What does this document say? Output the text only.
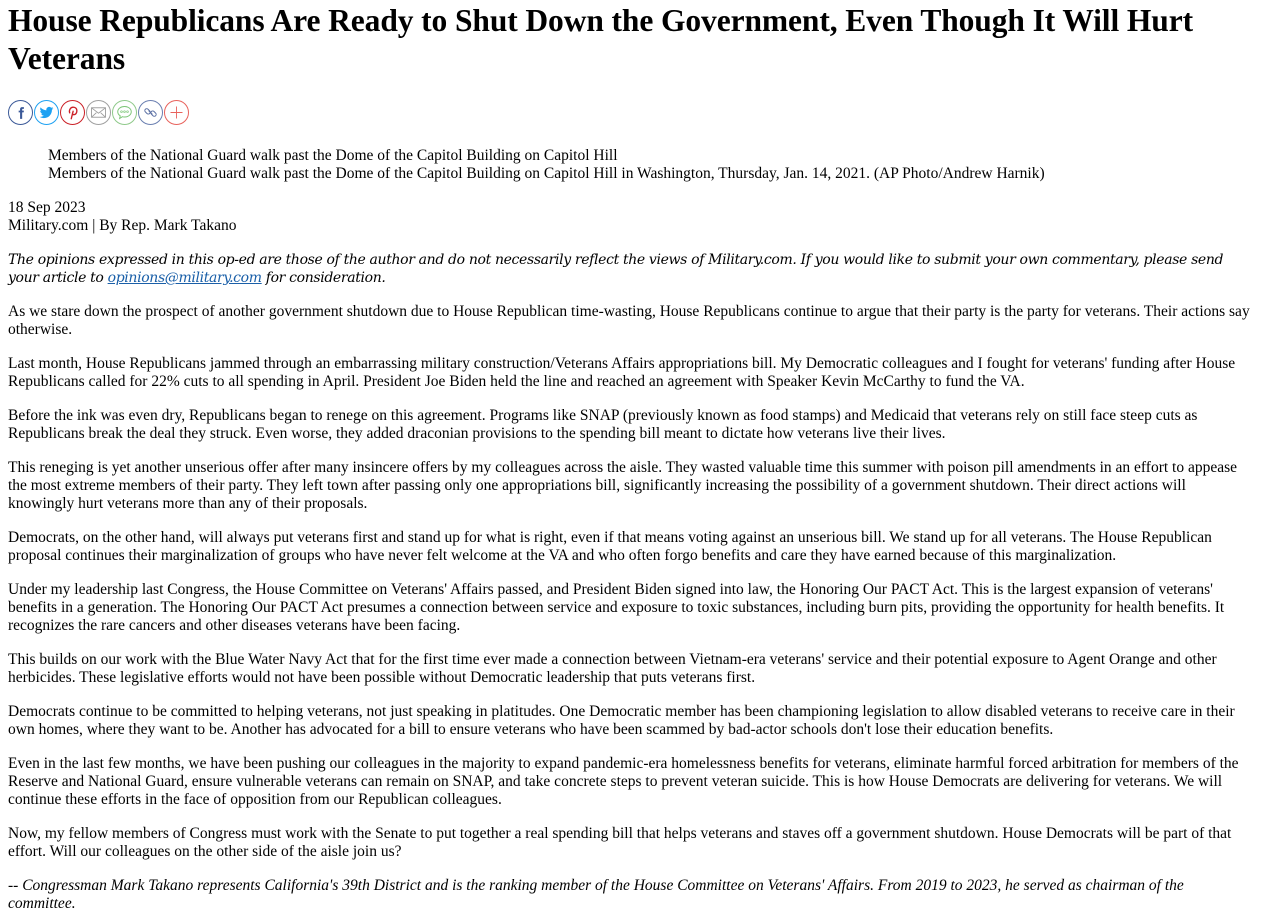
House Republicans Are Ready to Shut Down the Government, Even Though It Will Hurt Veterans
Members of the National Guard walk past the Dome of the Capitol Building on Capitol Hill
Members of the National Guard walk past the Dome of the Capitol Building on Capitol Hill in Washington, Thursday, Jan. 14, 2021. (AP Photo/Andrew Harnik)
18 Sep 2023
Military.com | By Rep. Mark Takano
The opinions expressed in this op-ed are those of the author and do not necessarily reflect the views of Military.com. If you would like to submit your own commentary, please send your article to opinions@military.com for consideration.

As we stare down the prospect of another government shutdown due to House Republican time-wasting, House Republicans continue to argue that their party is the party for veterans. Their actions say otherwise.

Last month, House Republicans jammed through an embarrassing military construction/Veterans Affairs appropriations bill. My Democratic colleagues and I fought for veterans' funding after House Republicans called for 22% cuts to all spending in April. President Joe Biden held the line and reached an agreement with Speaker Kevin McCarthy to fund the VA.

Before the ink was even dry, Republicans began to renege on this agreement. Programs like SNAP (previously known as food stamps) and Medicaid that veterans rely on still face steep cuts as Republicans break the deal they struck. Even worse, they added draconian provisions to the spending bill meant to dictate how veterans live their lives.

This reneging is yet another unserious offer after many insincere offers by my colleagues across the aisle. They wasted valuable time this summer with poison pill amendments in an effort to appease the most extreme members of their party. They left town after passing only one appropriations bill, significantly increasing the possibility of a government shutdown. Their direct actions will knowingly hurt veterans more than any of their proposals.

Democrats, on the other hand, will always put veterans first and stand up for what is right, even if that means voting against an unserious bill. We stand up for all veterans. The House Republican proposal continues their marginalization of groups who have never felt welcome at the VA and who often forgo benefits and care they have earned because of this marginalization.

Under my leadership last Congress, the House Committee on Veterans' Affairs passed, and President Biden signed into law, the Honoring Our PACT Act. This is the largest expansion of veterans' benefits in a generation. The Honoring Our PACT Act presumes a connection between service and exposure to toxic substances, including burn pits, providing the opportunity for health benefits. It recognizes the rare cancers and other diseases veterans have been facing.

This builds on our work with the Blue Water Navy Act that for the first time ever made a connection between Vietnam-era veterans' service and their potential exposure to Agent Orange and other herbicides. These legislative efforts would not have been possible without Democratic leadership that puts veterans first.

Democrats continue to be committed to helping veterans, not just speaking in platitudes. One Democratic member has been championing legislation to allow disabled veterans to receive care in their own homes, where they want to be. Another has advocated for a bill to ensure veterans who have been scammed by bad-actor schools don't lose their education benefits.

Even in the last few months, we have been pushing our colleagues in the majority to expand pandemic-era homelessness benefits for veterans, eliminate harmful forced arbitration for members of the Reserve and National Guard, ensure vulnerable veterans can remain on SNAP, and take concrete steps to prevent veteran suicide. This is how House Democrats are delivering for veterans. We will continue these efforts in the face of opposition from our Republican colleagues.

Now, my fellow members of Congress must work with the Senate to put together a real spending bill that helps veterans and staves off a government shutdown. House Democrats will be part of that effort. Will our colleagues on the other side of the aisle join us?

-- Congressman Mark Takano represents California's 39th District and is the ranking member of the House Committee on Veterans' Affairs. From 2019 to 2023, he served as chairman of the committee.
